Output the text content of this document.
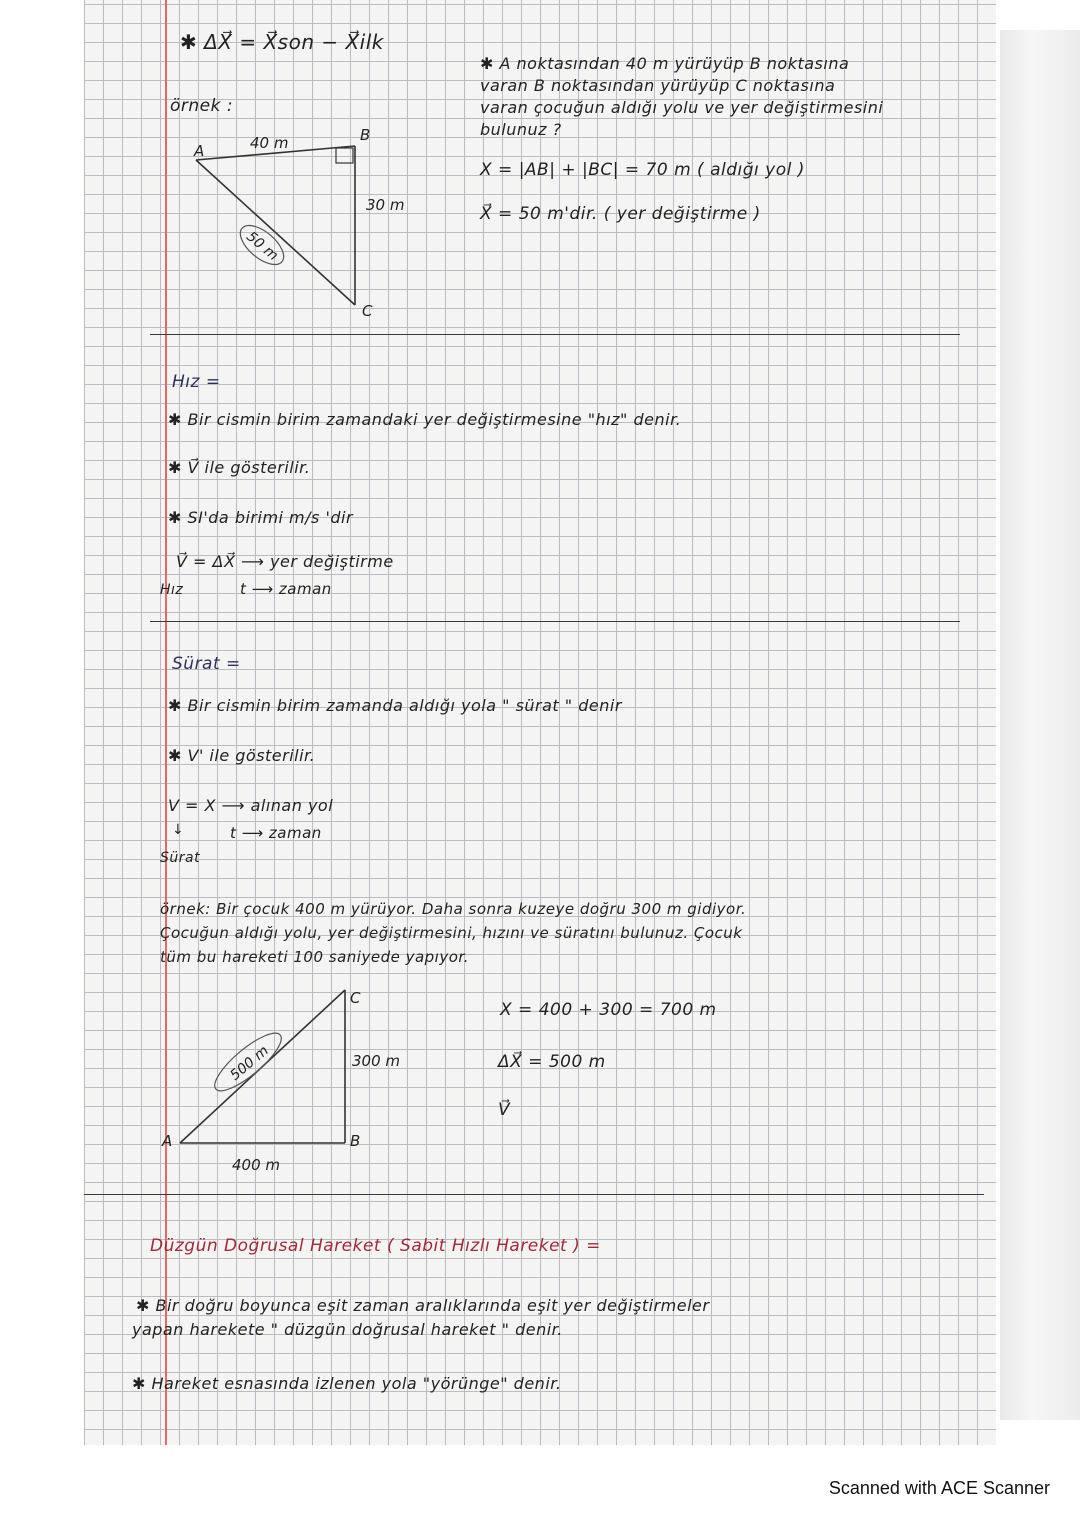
✱ ΔX⃗ = X⃗son − X⃗ilk
örnek :
A
B
C
40 m
30 m
50 m
✱ A noktasından 40 m yürüyüp B noktasına
varan B noktasından yürüyüp C noktasına
varan çocuğun aldığı yolu ve yer değiştirmesini
bulunuz ?
X = |AB| + |BC| = 70 m ( aldığı yol )
X⃗ = 50 m'dir. ( yer değiştirme )
Hız =
✱ Bir cismin birim zamandaki yer değiştirmesine "hız" denir.
✱ V⃗ ile gösterilir.
✱ SI'da birimi m/s 'dir
V⃗ = ΔX⃗ ⟶ yer değiştirme
t ⟶ zaman
Hız
Sürat =
✱ Bir cismin birim zamanda aldığı yola " sürat " denir
✱ V' ile gösterilir.
V = X ⟶ alınan yol
t ⟶ zaman
↓
Sürat
örnek: Bir çocuk 400 m yürüyor. Daha sonra kuzeye doğru 300 m gidiyor.
Çocuğun aldığı yolu, yer değiştirmesini, hızını ve süratını bulunuz. Çocuk
tüm bu hareketi 100 saniyede yapıyor.
A	B
C
400 m
300 m
500 m
X = 400 + 300 = 700 m
ΔX⃗ = 500 m
V⃗
Düzgün Doğrusal Hareket ( Sabit Hızlı Hareket ) =
✱ Bir doğru boyunca eşit zaman aralıklarında eşit yer değiştirmeler
yapan harekete " düzgün doğrusal hareket " denir.
✱ Hareket esnasında izlenen yola "yörünge" denir.
Scanned with ACE Scanner
